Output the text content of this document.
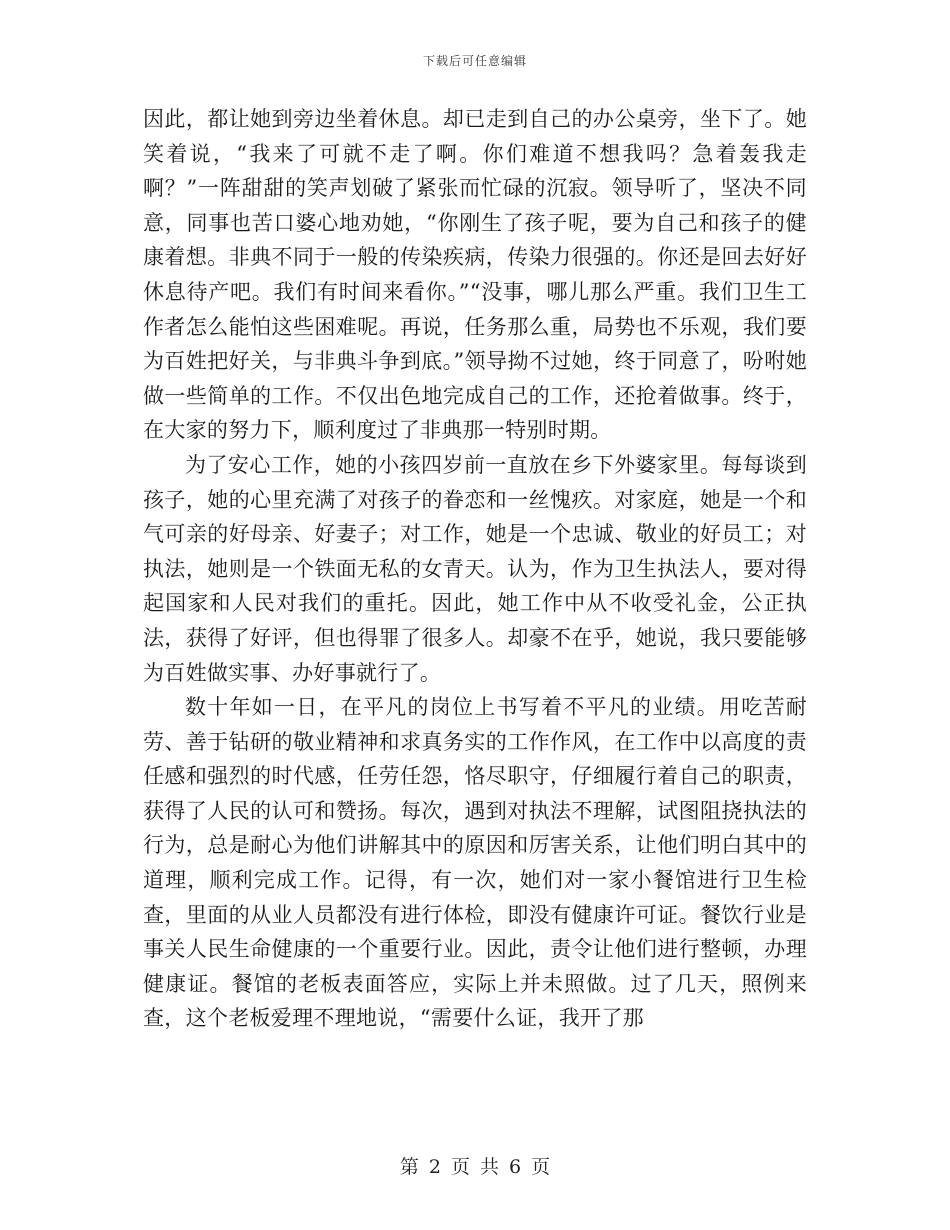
下载后可任意编辑

因此，都让她到旁边坐着休息。却已走到自己的办公桌旁，坐下了。她笑着说，“我来了可就不走了啊。你们难道不想我吗？急着轰我走啊？”一阵甜甜的笑声划破了紧张而忙碌的沉寂。领导听了，坚决不同意，同事也苦口婆心地劝她，“你刚生了孩子呢，要为自己和孩子的健康着想。非典不同于一般的传染疾病，传染力很强的。你还是回去好好休息待产吧。我们有时间来看你。”“没事，哪儿那么严重。我们卫生工作者怎么能怕这些困难呢。再说，任务那么重，局势也不乐观，我们要为百姓把好关，与非典斗争到底。”领导拗不过她，终于同意了，吩咐她做一些简单的工作。不仅出色地完成自己的工作，还抢着做事。终于，在大家的努力下，顺利度过了非典那一特别时期。

为了安心工作，她的小孩四岁前一直放在乡下外婆家里。每每谈到孩子，她的心里充满了对孩子的眷恋和一丝愧疚。对家庭，她是一个和气可亲的好母亲、好妻子；对工作，她是一个忠诚、敬业的好员工；对执法，她则是一个铁面无私的女青天。认为，作为卫生执法人，要对得起国家和人民对我们的重托。因此，她工作中从不收受礼金，公正执法，获得了好评，但也得罪了很多人。却豪不在乎，她说，我只要能够为百姓做实事、办好事就行了。

数十年如一日，在平凡的岗位上书写着不平凡的业绩。用吃苦耐劳、善于钻研的敬业精神和求真务实的工作作风，在工作中以高度的责任感和强烈的时代感，任劳任怨，恪尽职守，仔细履行着自己的职责，获得了人民的认可和赞扬。每次，遇到对执法不理解，试图阻挠执法的行为，总是耐心为他们讲解其中的原因和厉害关系，让他们明白其中的道理，顺利完成工作。记得，有一次，她们对一家小餐馆进行卫生检查，里面的从业人员都没有进行体检，即没有健康许可证。餐饮行业是事关人民生命健康的一个重要行业。因此，责令让他们进行整顿，办理健康证。餐馆的老板表面答应，实际上并未照做。过了几天，照例来查，这个老板爱理不理地说，“需要什么证，我开了那

第 2 页 共 6 页
